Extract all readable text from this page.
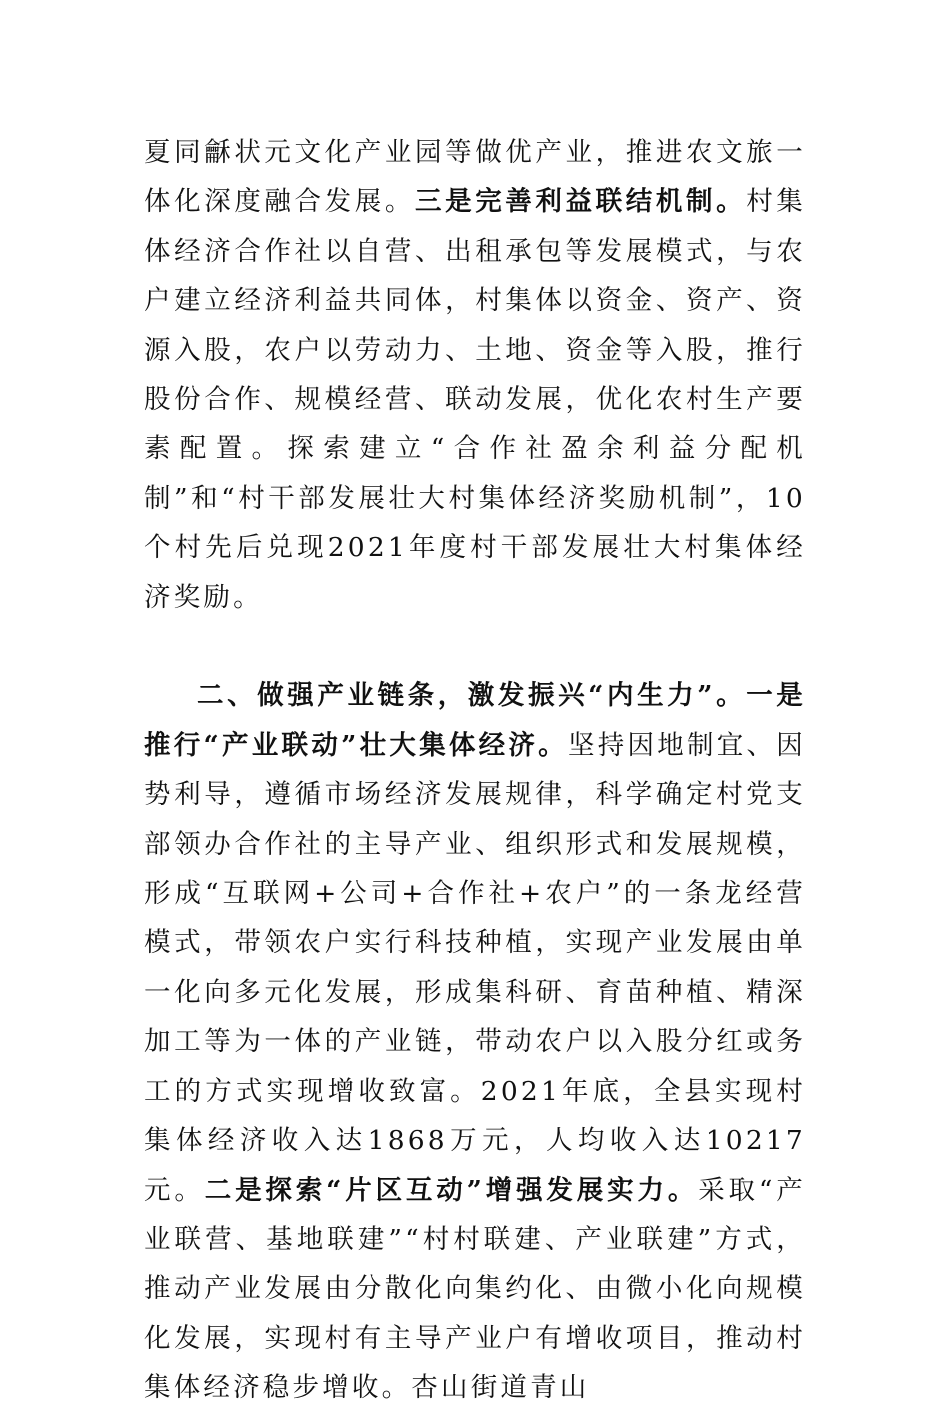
夏同龢状元文化产业园等做优产业，推进农文旅一体化深度融合发展。三是完善利益联结机制。村集体经济合作社以自营、出租承包等发展模式，与农户建立经济利益共同体，村集体以资金、资产、资源入股，农户以劳动力、土地、资金等入股，推行股份合作、规模经营、联动发展，优化农村生产要素配置。探索建立“合作社盈余利益分配机制”和“村干部发展壮大村集体经济奖励机制”，10个村先后兑现2021年度村干部发展壮大村集体经济奖励。

二、做强产业链条，激发振兴“内生力”。一是推行“产业联动”壮大集体经济。坚持因地制宜、因势利导，遵循市场经济发展规律，科学确定村党支部领办合作社的主导产业、组织形式和发展规模，形成“互联网+公司+合作社+农户”的一条龙经营模式，带领农户实行科技种植，实现产业发展由单一化向多元化发展，形成集科研、育苗种植、精深加工等为一体的产业链，带动农户以入股分红或务工的方式实现增收致富。2021年底，全县实现村集体经济收入达1868万元，人均收入达10217元。二是探索“片区互动”增强发展实力。采取“产业联营、基地联建”“村村联建、产业联建”方式，推动产业发展由分散化向集约化、由微小化向规模化发展，实现村有主导产业户有增收项目，推动村集体经济稳步增收。杏山街道青山
